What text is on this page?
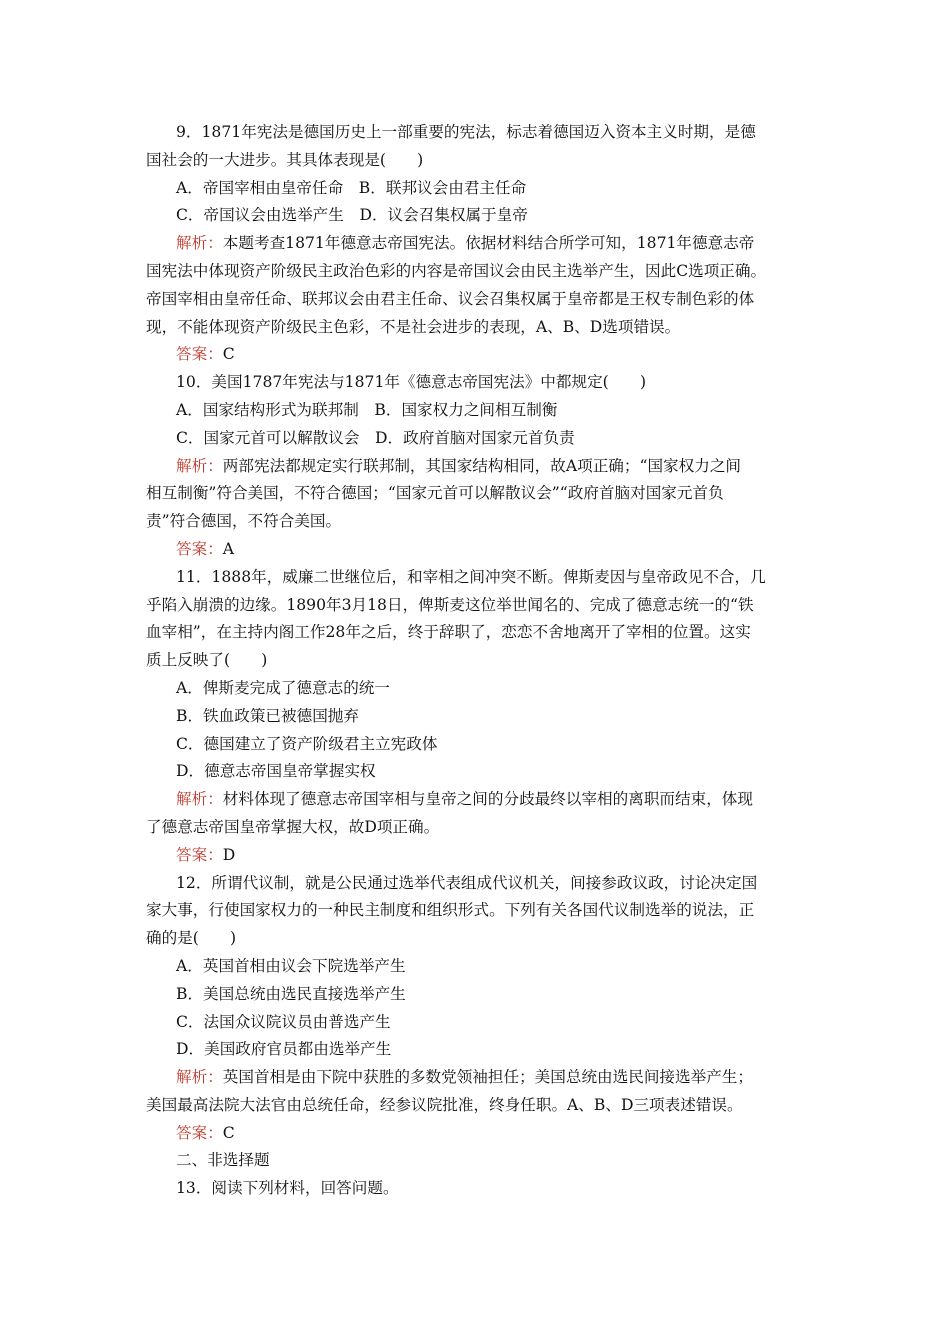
9．1871年宪法是德国历史上一部重要的宪法，标志着德国迈入资本主义时期，是德
国社会的一大进步。其具体表现是(　　)
A．帝国宰相由皇帝任命　B．联邦议会由君主任命
C．帝国议会由选举产生　D．议会召集权属于皇帝
解析：本题考查1871年德意志帝国宪法。依据材料结合所学可知，1871年德意志帝
国宪法中体现资产阶级民主政治色彩的内容是帝国议会由民主选举产生，因此C选项正确。
帝国宰相由皇帝任命、联邦议会由君主任命、议会召集权属于皇帝都是王权专制色彩的体
现，不能体现资产阶级民主色彩，不是社会进步的表现，A、B、D选项错误。
答案：C
10．美国1787年宪法与1871年《德意志帝国宪法》中都规定(　　)
A．国家结构形式为联邦制　B．国家权力之间相互制衡
C．国家元首可以解散议会　D．政府首脑对国家元首负责
解析：两部宪法都规定实行联邦制，其国家结构相同，故A项正确；“国家权力之间
相互制衡”符合美国，不符合德国；“国家元首可以解散议会”“政府首脑对国家元首负
责”符合德国，不符合美国。
答案：A
11．1888年，威廉二世继位后，和宰相之间冲突不断。俾斯麦因与皇帝政见不合，几
乎陷入崩溃的边缘。1890年3月18日，俾斯麦这位举世闻名的、完成了德意志统一的“铁
血宰相”，在主持内阁工作28年之后，终于辞职了，恋恋不舍地离开了宰相的位置。这实
质上反映了(　　)
A．俾斯麦完成了德意志的统一
B．铁血政策已被德国抛弃
C．德国建立了资产阶级君主立宪政体
D．德意志帝国皇帝掌握实权
解析：材料体现了德意志帝国宰相与皇帝之间的分歧最终以宰相的离职而结束，体现
了德意志帝国皇帝掌握大权，故D项正确。
答案：D
12．所谓代议制，就是公民通过选举代表组成代议机关，间接参政议政，讨论决定国
家大事，行使国家权力的一种民主制度和组织形式。下列有关各国代议制选举的说法，正
确的是(　　)
A．英国首相由议会下院选举产生
B．美国总统由选民直接选举产生
C．法国众议院议员由普选产生
D．美国政府官员都由选举产生
解析：英国首相是由下院中获胜的多数党领袖担任；美国总统由选民间接选举产生；
美国最高法院大法官由总统任命，经参议院批准，终身任职。A、B、D三项表述错误。
答案：C
二、非选择题
13．阅读下列材料，回答问题。
